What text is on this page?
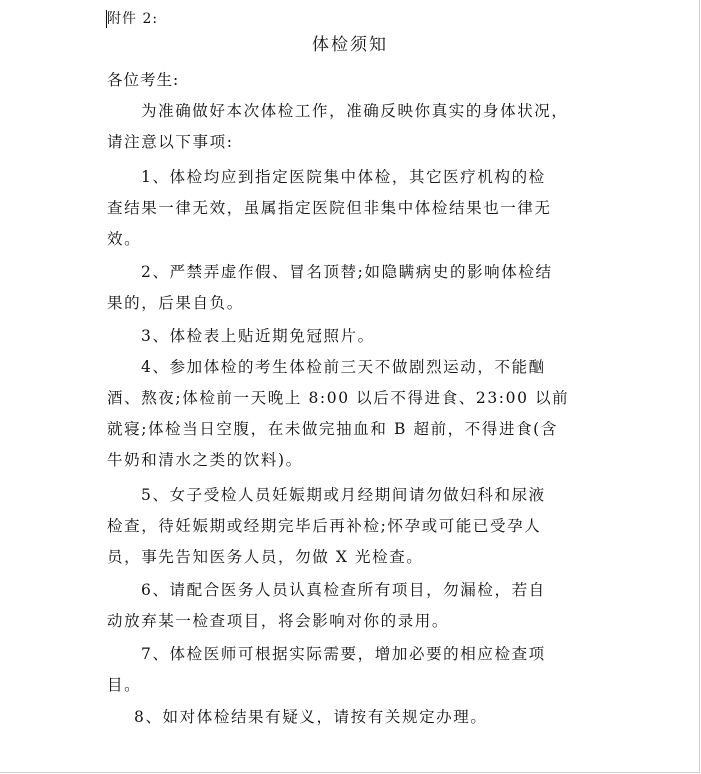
附件 2:
体检须知
各位考生:
为准确做好本次体检工作，准确反映你真实的身体状况，
请注意以下事项:
1、体检均应到指定医院集中体检，其它医疗机构的检
查结果一律无效，虽属指定医院但非集中体检结果也一律无
效。
2、严禁弄虚作假、冒名顶替;如隐瞒病史的影响体检结
果的，后果自负。
3、体检表上贴近期免冠照片。
4、参加体检的考生体检前三天不做剧烈运动，不能酗
酒、熬夜;体检前一天晚上 8:00 以后不得进食、23:00 以前
就寝;体检当日空腹，在未做完抽血和 B 超前，不得进食(含
牛奶和清水之类的饮料)。
5、女子受检人员妊娠期或月经期间请勿做妇科和尿液
检查，待妊娠期或经期完毕后再补检;怀孕或可能已受孕人
员，事先告知医务人员，勿做 X 光检查。
6、请配合医务人员认真检查所有项目，勿漏检，若自
动放弃某一检查项目，将会影响对你的录用。
7、体检医师可根据实际需要，增加必要的相应检查项
目。
8、如对体检结果有疑义，请按有关规定办理。
